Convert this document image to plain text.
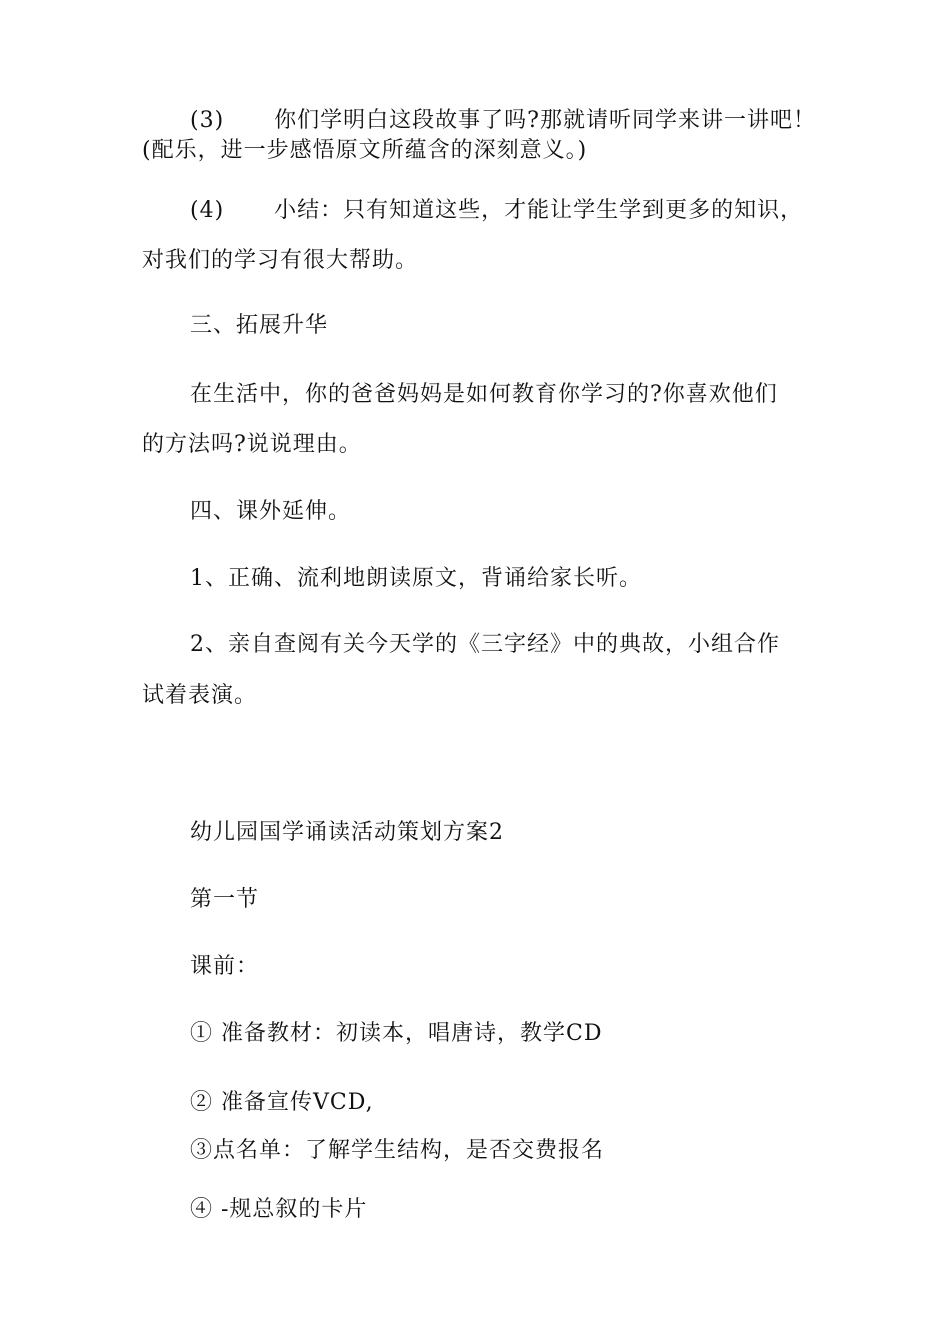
(3) 你们学明白这段故事了吗?那就请听同学来讲一讲吧！
(配乐，进一步感悟原文所蕴含的深刻意义。)
(4) 小结：只有知道这些，才能让学生学到更多的知识，
对我们的学习有很大帮助。
三、拓展升华
在生活中，你的爸爸妈妈是如何教育你学习的?你喜欢他们
的方法吗?说说理由。
四、课外延伸。
1、正确、流利地朗读原文，背诵给家长听。
2、亲自查阅有关今天学的《三字经》中的典故，小组合作
试着表演。
幼儿园国学诵读活动策划方案2
第一节
课前：
① 准备教材：初读本，唱唐诗，教学CD
② 准备宣传VCD,
③点名单：了解学生结构，是否交费报名
④ -规总叙的卡片
